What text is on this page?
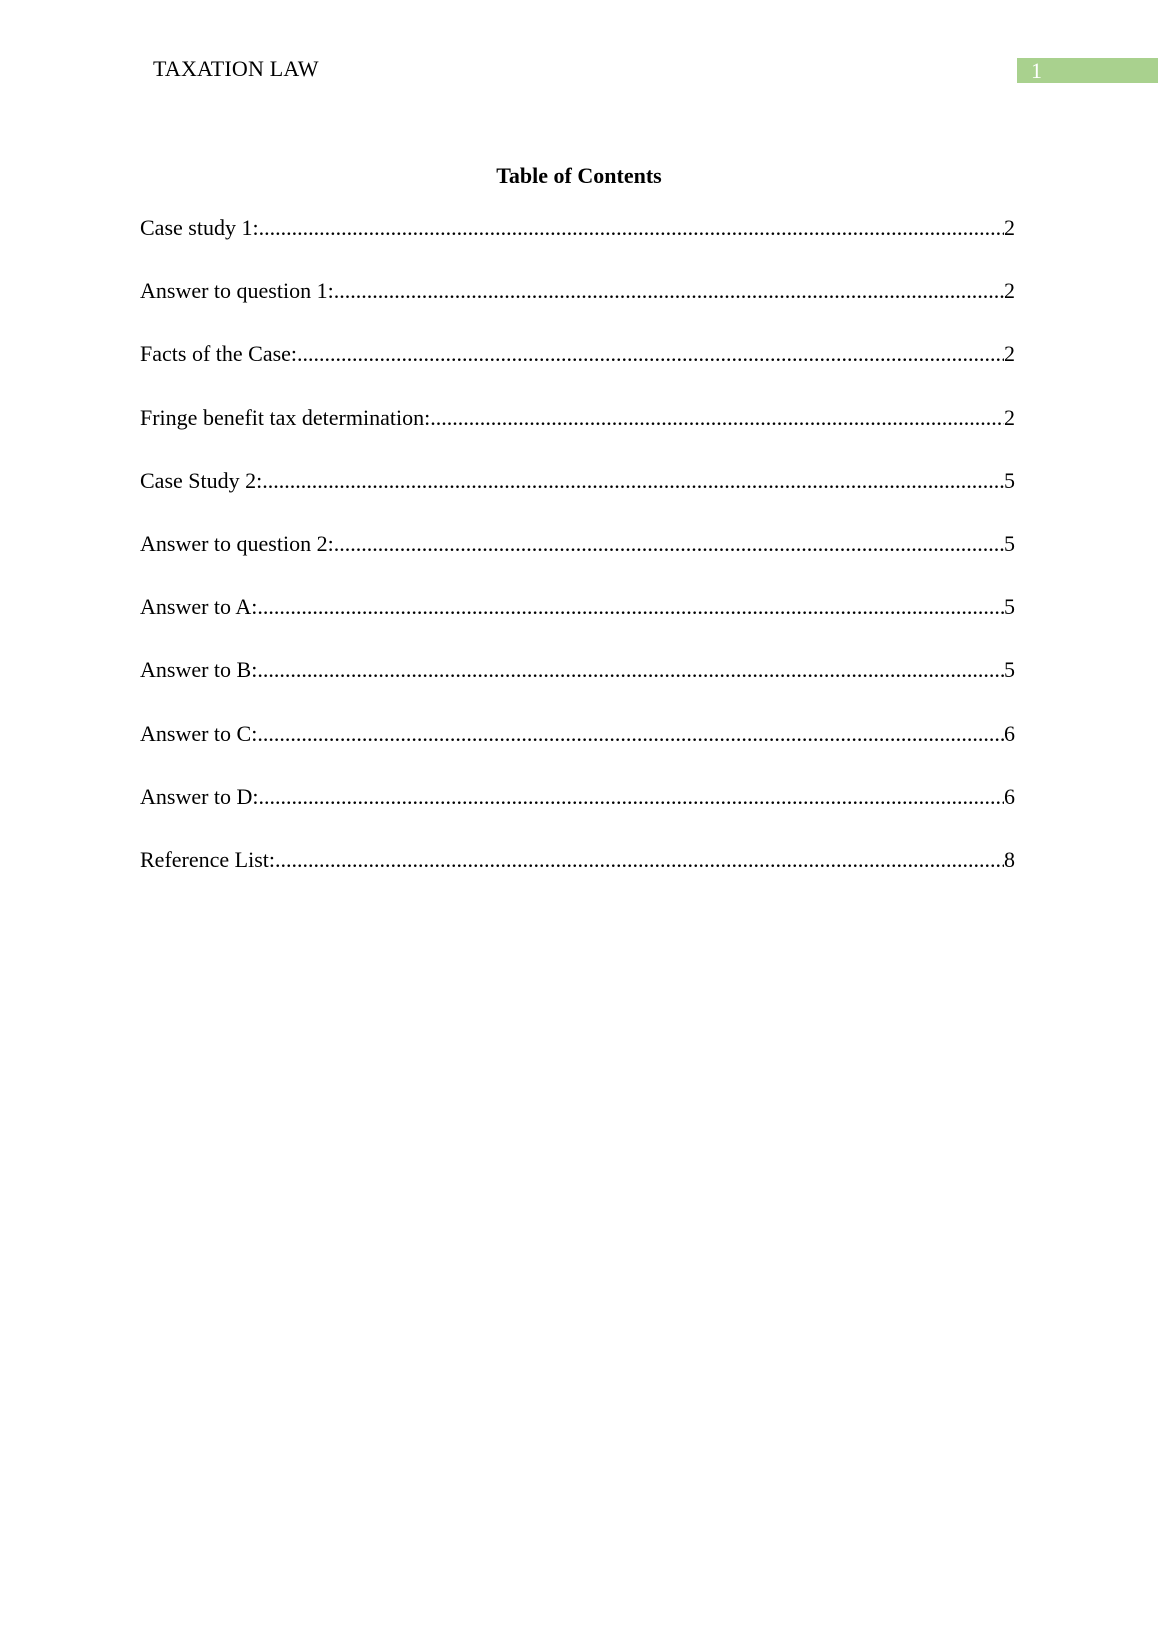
TAXATION LAW	1
Table of Contents
Case study 1: .....	2
Answer to question 1: .....	2
Facts of the Case: .....	2
Fringe benefit tax determination: .....	2
Case Study 2: .....	5
Answer to question 2: .....	5
Answer to A: .....	5
Answer to B: .....	5
Answer to C: .....	6
Answer to D: .....	6
Reference List: .....	8
